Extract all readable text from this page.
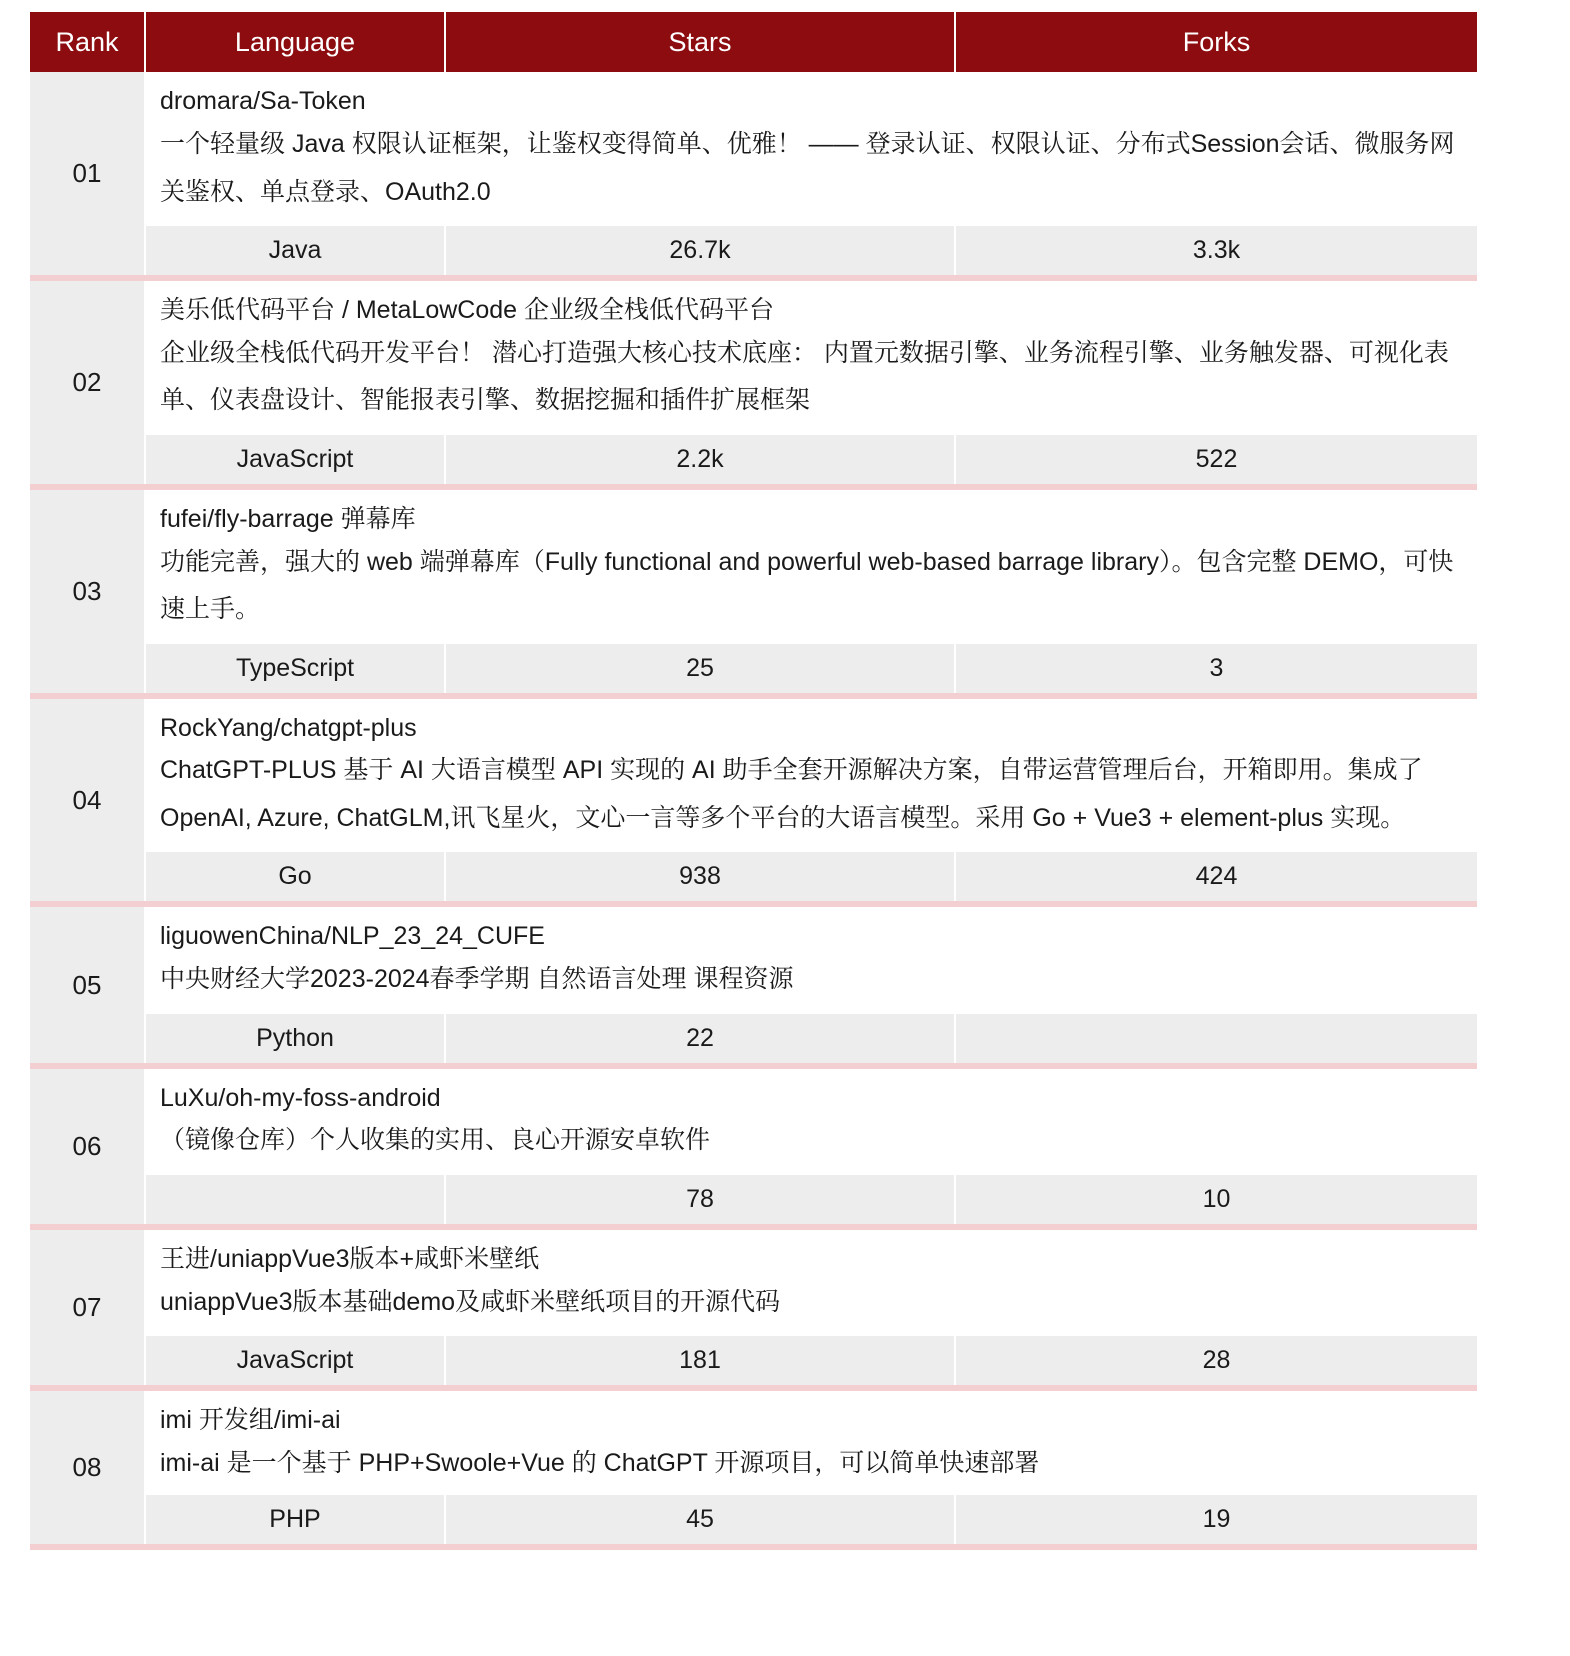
Rank	Language	Stars	Forks
01	dromara/Sa-Token
一个轻量级 Java 权限认证框架，让鉴权变得简单、优雅！ —— 登录认证、权限认证、分布式Session会话、微服务网关鉴权、单点登录、OAuth2.0		

	Java	26.7k	3.3k
02	美乐低代码平台 / MetaLowCode 企业级全栈低代码平台
企业级全栈低代码开发平台！ 潜心打造强大核心技术底座： 内置元数据引擎、业务流程引擎、业务触发器、可视化表单、仪表盘设计、智能报表引擎、数据挖掘和插件扩展框架		

	JavaScript	2.2k	522
03	fufei/fly-barrage 弹幕库
功能完善，强大的 web 端弹幕库（Fully functional and powerful web-based barrage library）。包含完整 DEMO，可快速上手。		

	TypeScript	25	3
04	RockYang/chatgpt-plus
ChatGPT-PLUS 基于 AI 大语言模型 API 实现的 AI 助手全套开源解决方案，自带运营管理后台，开箱即用。集成了 OpenAI, Azure, ChatGLM,讯飞星火，文心一言等多个平台的大语言模型。采用 Go + Vue3 + element-plus 实现。		

	Go	938	424
05	liguowenChina/NLP_23_24_CUFE
中央财经大学2023-2024春季学期 自然语言处理 课程资源		

	Python	22	
06	LuXu/oh-my-foss-android
（镜像仓库）个人收集的实用、良心开源安卓软件		

		78	10
07	王进/uniappVue3版本+咸虾米壁纸
uniappVue3版本基础demo及咸虾米壁纸项目的开源代码		

	JavaScript	181	28
08	imi 开发组/imi-ai
imi-ai 是一个基于 PHP+Swoole+Vue 的 ChatGPT 开源项目，可以简单快速部署		

	PHP	45	19
